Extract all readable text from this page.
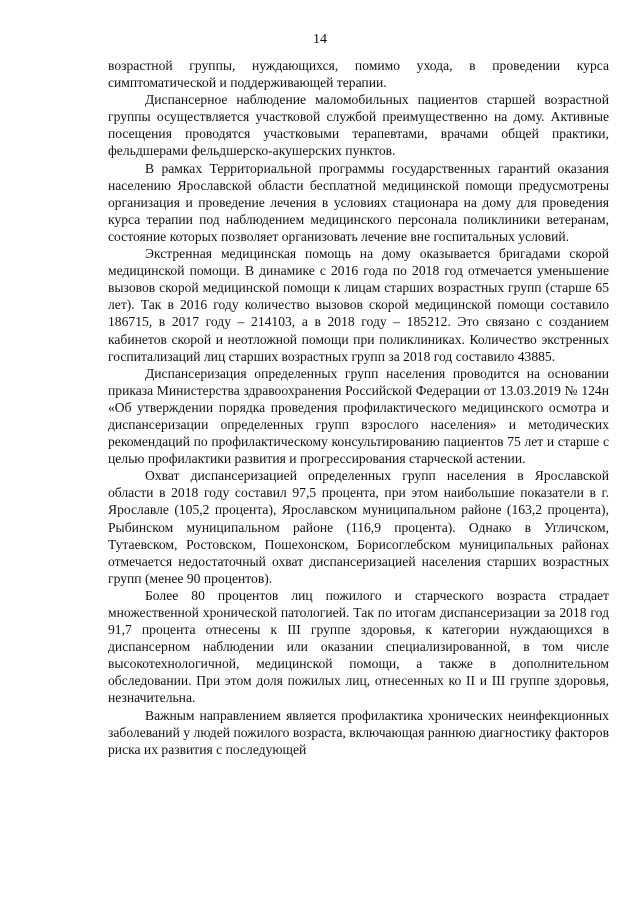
14

возрастной группы, нуждающихся, помимо ухода, в проведении курса симптоматической и поддерживающей терапии.

Диспансерное наблюдение маломобильных пациентов старшей возрастной группы осуществляется участковой службой преимущественно на дому. Активные посещения проводятся участковыми терапевтами, врачами общей практики, фельдшерами фельдшерско-акушерских пунктов.

В рамках Территориальной программы государственных гарантий оказания населению Ярославской области бесплатной медицинской помощи предусмотрены организация и проведение лечения в условиях стационара на дому для проведения курса терапии под наблюдением медицинского персонала поликлиники ветеранам, состояние которых позволяет организовать лечение вне госпитальных условий.

Экстренная медицинская помощь на дому оказывается бригадами скорой медицинской помощи. В динамике с 2016 года по 2018 год отмечается уменьшение вызовов скорой медицинской помощи к лицам старших возрастных групп (старше 65 лет). Так в 2016 году количество вызовов скорой медицинской помощи составило 186715, в 2017 году – 214103, а в 2018 году – 185212. Это связано с созданием кабинетов скорой и неотложной помощи при поликлиниках. Количество экстренных госпитализаций лиц старших возрастных групп за 2018 год составило 43885.

Диспансеризация определенных групп населения проводится на основании приказа Министерства здравоохранения Российской Федерации от 13.03.2019 № 124н «Об утверждении порядка проведения профилактического медицинского осмотра и диспансеризации определенных групп взрослого населения» и методических рекомендаций по профилактическому консультированию пациентов 75 лет и старше с целью профилактики развития и прогрессирования старческой астении.

Охват диспансеризацией определенных групп населения в Ярославской области в 2018 году составил 97,5 процента, при этом наибольшие показатели в г. Ярославле (105,2 процента), Ярославском муниципальном районе (163,2 процента), Рыбинском муниципальном районе (116,9 процента). Однако в Угличском, Тутаевском, Ростовском, Пошехонском, Борисоглебском муниципальных районах отмечается недостаточный охват диспансеризацией населения старших возрастных групп (менее 90 процентов).

Более 80 процентов лиц пожилого и старческого возраста страдает множественной хронической патологией. Так по итогам диспансеризации за 2018 год 91,7 процента отнесены к III группе здоровья, к категории нуждающихся в диспансерном наблюдении или оказании специализированной, в том числе высокотехнологичной, медицинской помощи, а также в дополнительном обследовании. При этом доля пожилых лиц, отнесенных ко II и III группе здоровья, незначительна.

Важным направлением является профилактика хронических неинфекционных заболеваний у людей пожилого возраста, включающая раннюю диагностику факторов риска их развития с последующей
